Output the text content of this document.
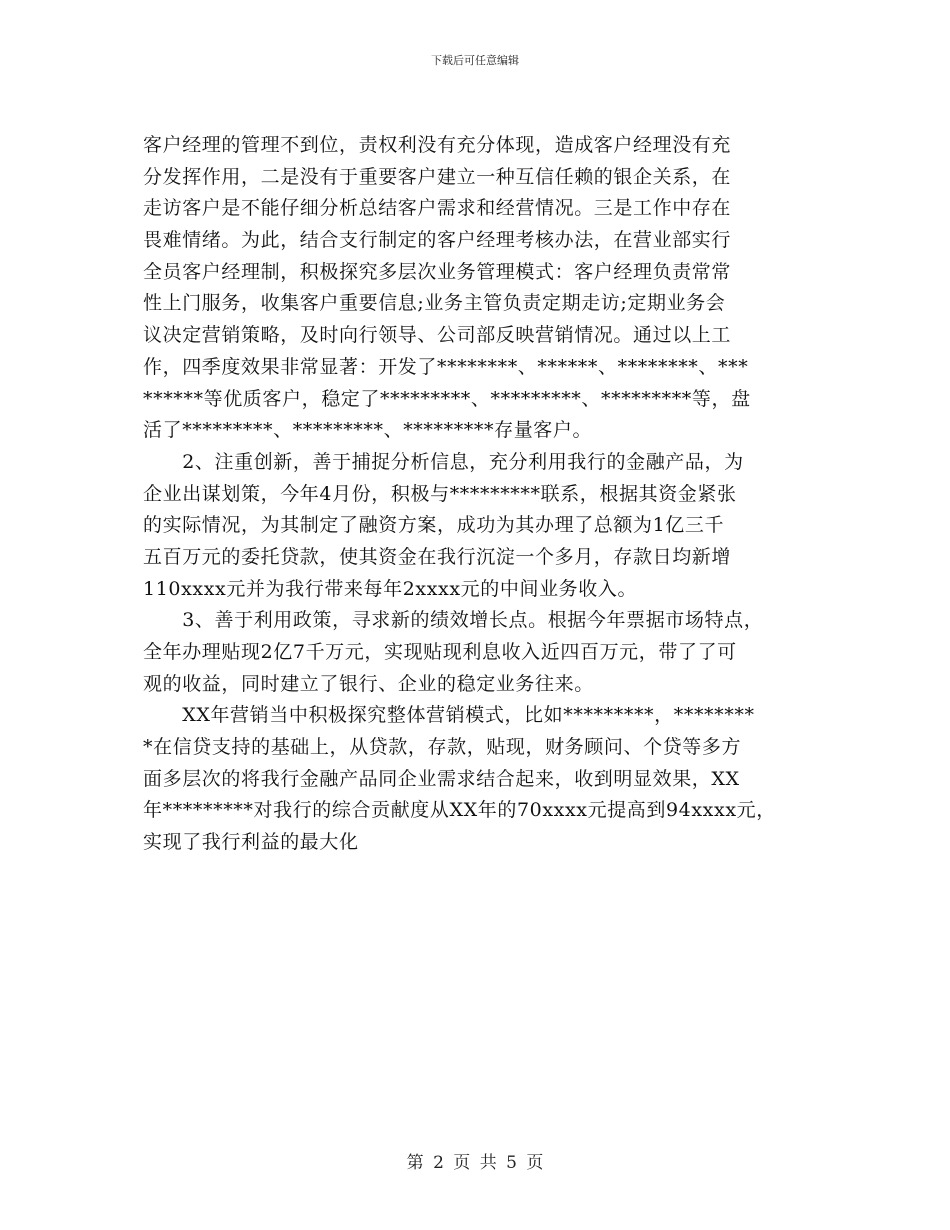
下载后可任意编辑
客户经理的管理不到位，责权利没有充分体现，造成客户经理没有充
分发挥作用，二是没有于重要客户建立一种互信任赖的银企关系，在
走访客户是不能仔细分析总结客户需求和经营情况。三是工作中存在
畏难情绪。为此，结合支行制定的客户经理考核办法，在营业部实行
全员客户经理制，积极探究多层次业务管理模式：客户经理负责常常
性上门服务，收集客户重要信息;业务主管负责定期走访;定期业务会
议决定营销策略，及时向行领导、公司部反映营销情况。通过以上工
作，四季度效果非常显著：开发了********、******、********、***
******等优质客户，稳定了*********、*********、*********等，盘
活了*********、*********、*********存量客户。
　　2、注重创新，善于捕捉分析信息，充分利用我行的金融产品，为
企业出谋划策，今年4月份，积极与*********联系，根据其资金紧张
的实际情况，为其制定了融资方案，成功为其办理了总额为1亿三千
五百万元的委托贷款，使其资金在我行沉淀一个多月，存款日均新增
110xxxx元并为我行带来每年2xxxx元的中间业务收入。
　　3、善于利用政策，寻求新的绩效增长点。根据今年票据市场特点，
全年办理贴现2亿7千万元，实现贴现利息收入近四百万元，带了了可
观的收益，同时建立了银行、企业的稳定业务往来。
　　XX年营销当中积极探究整体营销模式，比如*********，********
*在信贷支持的基础上，从贷款，存款，贴现，财务顾问、个贷等多方
面多层次的将我行金融产品同企业需求结合起来，收到明显效果，XX
年*********对我行的综合贡献度从XX年的70xxxx元提高到94xxxx元，
实现了我行利益的最大化
第 2 页 共 5 页
